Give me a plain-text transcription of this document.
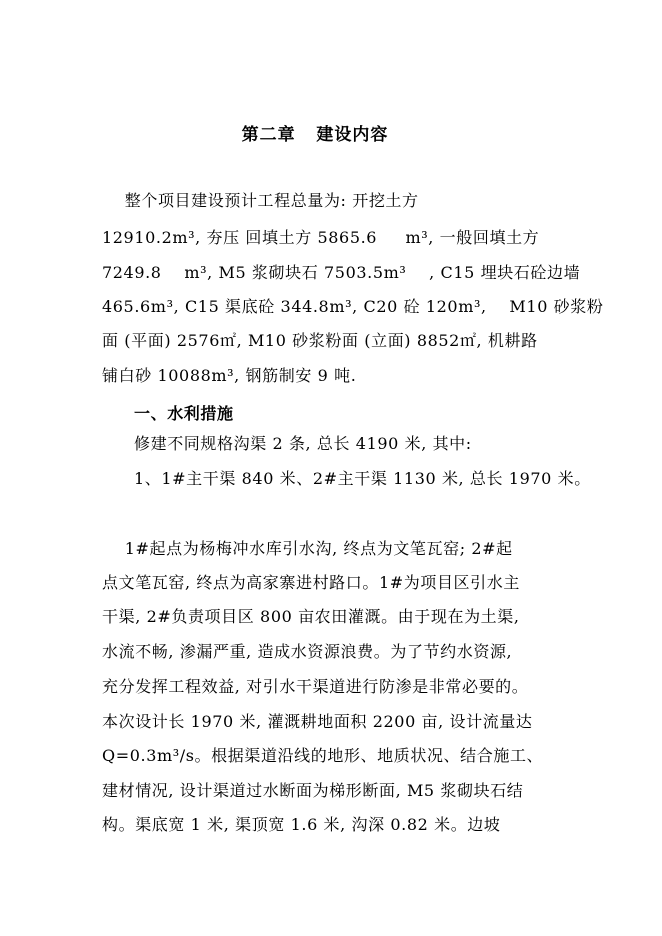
第二章   建设内容
整个项目建设预计工程总量为: 开挖土方
12910.2m³, 夯压 回填土方 5865.6     m³, 一般回填土方
7249.8    m³, M5 浆砌块石 7503.5m³    , C15 埋块石砼边墙
465.6m³, C15 渠底砼 344.8m³, C20 砼 120m³,    M10 砂浆粉
面 (平面) 2576㎡, M10 砂浆粉面 (立面) 8852㎡, 机耕路
铺白砂 10088m³, 钢筋制安 9 吨.
一、水利措施
修建不同规格沟渠 2 条, 总长 4190 米, 其中:
1、1#主干渠 840 米、2#主干渠 1130 米, 总长 1970 米。
1#起点为杨梅冲水库引水沟, 终点为文笔瓦窑; 2#起
点文笔瓦窑, 终点为高家寨进村路口。1#为项目区引水主
干渠, 2#负责项目区 800 亩农田灌溉。由于现在为土渠,
水流不畅, 渗漏严重, 造成水资源浪费。为了节约水资源,
充分发挥工程效益, 对引水干渠道进行防渗是非常必要的。
本次设计长 1970 米, 灌溉耕地面积 2200 亩, 设计流量达
Q=0.3m³/s。根据渠道沿线的地形、地质状况、结合施工、
建材情况, 设计渠道过水断面为梯形断面, M5 浆砌块石结
构。渠底宽 1 米, 渠顶宽 1.6 米, 沟深 0.82 米。边坡
